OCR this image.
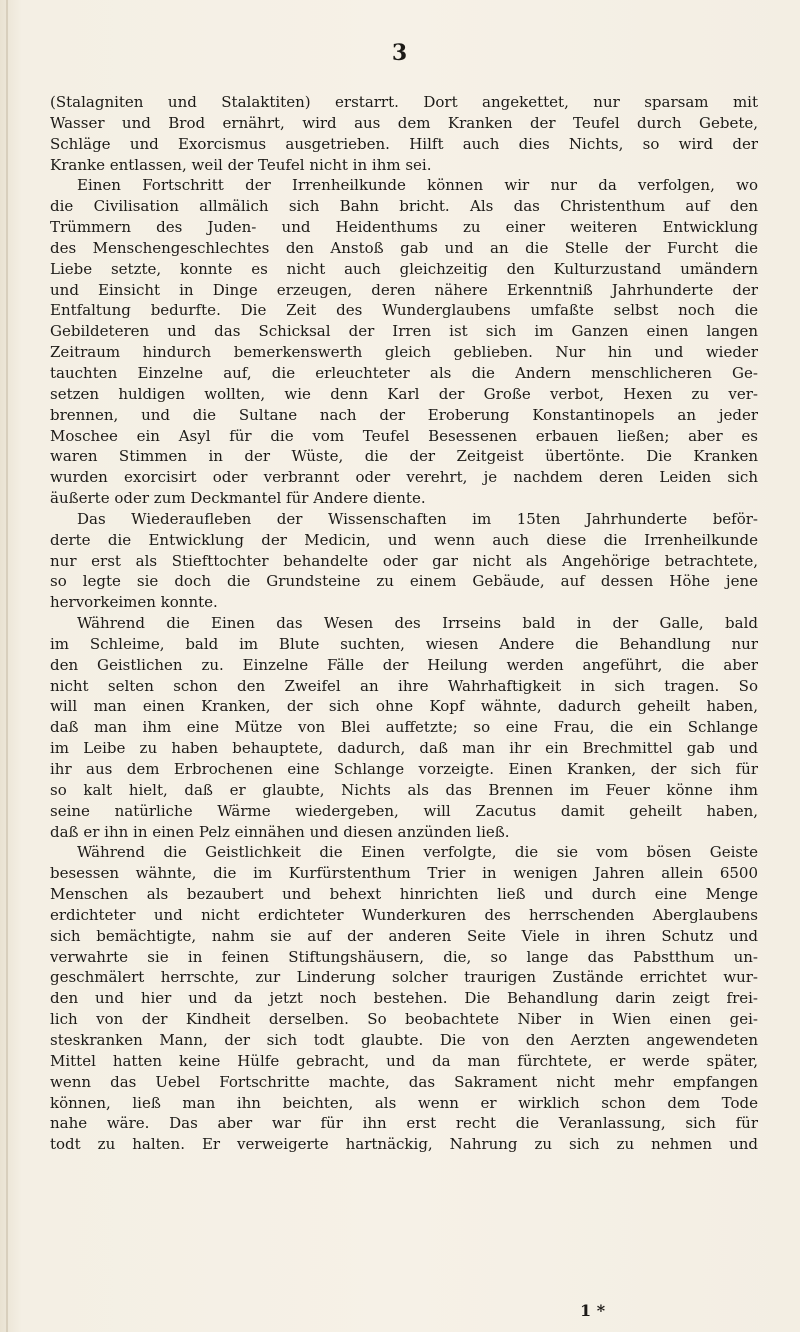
3
(Stalagniten und Stalaktiten) erstarrt. Dort angekettet, nur sparsam mit
Wasser und Brod ernährt, wird aus dem Kranken der Teufel durch Gebete,
Schläge und Exorcismus ausgetrieben. Hilft auch dies Nichts, so wird der
Kranke entlassen, weil der Teufel nicht in ihm sei.
Einen Fortschritt der Irrenheilkunde können wir nur da verfolgen, wo
die Civilisation allmälich sich Bahn bricht. Als das Christenthum auf den
Trümmern des Juden- und Heidenthums zu einer weiteren Entwicklung
des Menschengeschlechtes den Anstoß gab und an die Stelle der Furcht die
Liebe setzte, konnte es nicht auch gleichzeitig den Kulturzustand umändern
und Einsicht in Dinge erzeugen, deren nähere Erkenntniß Jahrhunderte der
Entfaltung bedurfte. Die Zeit des Wunderglaubens umfaßte selbst noch die
Gebildeteren und das Schicksal der Irren ist sich im Ganzen einen langen
Zeitraum hindurch bemerkenswerth gleich geblieben. Nur hin und wieder
tauchten Einzelne auf, die erleuchteter als die Andern menschlicheren Ge-
setzen huldigen wollten, wie denn Karl der Große verbot, Hexen zu ver-
brennen, und die Sultane nach der Eroberung Konstantinopels an jeder
Moschee ein Asyl für die vom Teufel Besessenen erbauen ließen; aber es
waren Stimmen in der Wüste, die der Zeitgeist übertönte. Die Kranken
wurden exorcisirt oder verbrannt oder verehrt, je nachdem deren Leiden sich
äußerte oder zum Deckmantel für Andere diente.
Das Wiederaufleben der Wissenschaften im 15ten Jahrhunderte beför-
derte die Entwicklung der Medicin, und wenn auch diese die Irrenheilkunde
nur erst als Stiefttochter behandelte oder gar nicht als Angehörige betrachtete,
so legte sie doch die Grundsteine zu einem Gebäude, auf dessen Höhe jene
hervorkeimen konnte.
Während die Einen das Wesen des Irrseins bald in der Galle, bald
im Schleime, bald im Blute suchten, wiesen Andere die Behandlung nur
den Geistlichen zu. Einzelne Fälle der Heilung werden angeführt, die aber
nicht selten schon den Zweifel an ihre Wahrhaftigkeit in sich tragen. So
will man einen Kranken, der sich ohne Kopf wähnte, dadurch geheilt haben,
daß man ihm eine Mütze von Blei auffetzte; so eine Frau, die ein Schlange
im Leibe zu haben behauptete, dadurch, daß man ihr ein Brechmittel gab und
ihr aus dem Erbrochenen eine Schlange vorzeigte. Einen Kranken, der sich für
so kalt hielt, daß er glaubte, Nichts als das Brennen im Feuer könne ihm
seine natürliche Wärme wiedergeben, will Zacutus damit geheilt haben,
daß er ihn in einen Pelz einnähen und diesen anzünden ließ.
Während die Geistlichkeit die Einen verfolgte, die sie vom bösen Geiste
besessen wähnte, die im Kurfürstenthum Trier in wenigen Jahren allein 6500
Menschen als bezaubert und behext hinrichten ließ und durch eine Menge
erdichteter und nicht erdichteter Wunderkuren des herrschenden Aberglaubens
sich bemächtigte, nahm sie auf der anderen Seite Viele in ihren Schutz und
verwahrte sie in feinen Stiftungshäusern, die, so lange das Pabstthum un-
geschmälert herrschte, zur Linderung solcher traurigen Zustände errichtet wur-
den und hier und da jetzt noch bestehen. Die Behandlung darin zeigt frei-
lich von der Kindheit derselben. So beobachtete Niber in Wien einen gei-
steskranken Mann, der sich todt glaubte. Die von den Aerzten angewendeten
Mittel hatten keine Hülfe gebracht, und da man fürchtete, er werde später,
wenn das Uebel Fortschritte machte, das Sakrament nicht mehr empfangen
können, ließ man ihn beichten, als wenn er wirklich schon dem Tode
nahe wäre. Das aber war für ihn erst recht die Veranlassung, sich für
todt zu halten. Er verweigerte hartnäckig, Nahrung zu sich zu nehmen und
1 *
